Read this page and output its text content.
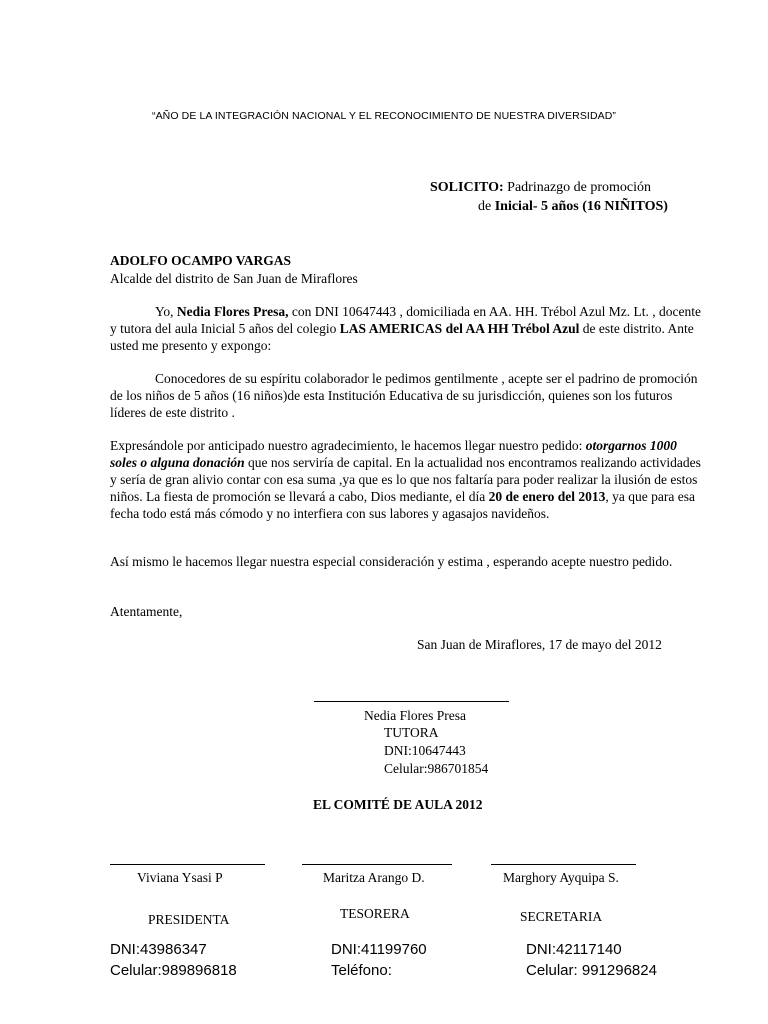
“AÑO DE LA INTEGRACIÓN NACIONAL Y EL RECONOCIMIENTO DE NUESTRA DIVERSIDAD”
SOLICITO: Padrinazgo de promoción
de Inicial- 5 años (16 NIÑITOS)
ADOLFO OCAMPO VARGAS
Alcalde del distrito de San Juan de Miraflores

Yo, Nedia Flores Presa, con DNI 10647443 , domiciliada en AA. HH. Trébol Azul Mz. Lt. , docente y tutora del aula Inicial 5 años del colegio LAS AMERICAS del AA HH Trébol Azul de este distrito. Ante usted me presento y expongo:

Conocedores de su espíritu colaborador le pedimos gentilmente , acepte ser el padrino de promoción de los niños de 5 años (16 niños)de esta Institución Educativa de su jurisdicción, quienes son los futuros líderes de este distrito .

Expresándole por anticipado nuestro agradecimiento, le hacemos llegar nuestro pedido: otorgarnos 1000 soles o alguna donación que nos serviría de capital. En la actualidad nos encontramos realizando actividades y sería de gran alivio contar con esa suma ,ya que es lo que nos faltaría para poder realizar la ilusión de estos niños. La fiesta de promoción se llevará a cabo, Dios mediante, el día 20 de enero del 2013, ya que para esa fecha todo está más cómodo y no interfiera con sus labores y agasajos navideños.

Así mismo le hacemos llegar nuestra especial consideración y estima , esperando acepte nuestro pedido.

Atentamente,
San Juan de Miraflores, 17 de mayo del 2012
Nedia Flores Presa
TUTORA
DNI:10647443
Celular:986701854
EL COMITÉ DE AULA 2012
Viviana Ysasi P	Maritza Arango D.	Marghory Ayquipa S.
PRESIDENTA	TESORERA	SECRETARIA
DNI:43986347	DNI:41199760	DNI:42117140
Celular:989896818	Teléfono:	Celular: 991296824
